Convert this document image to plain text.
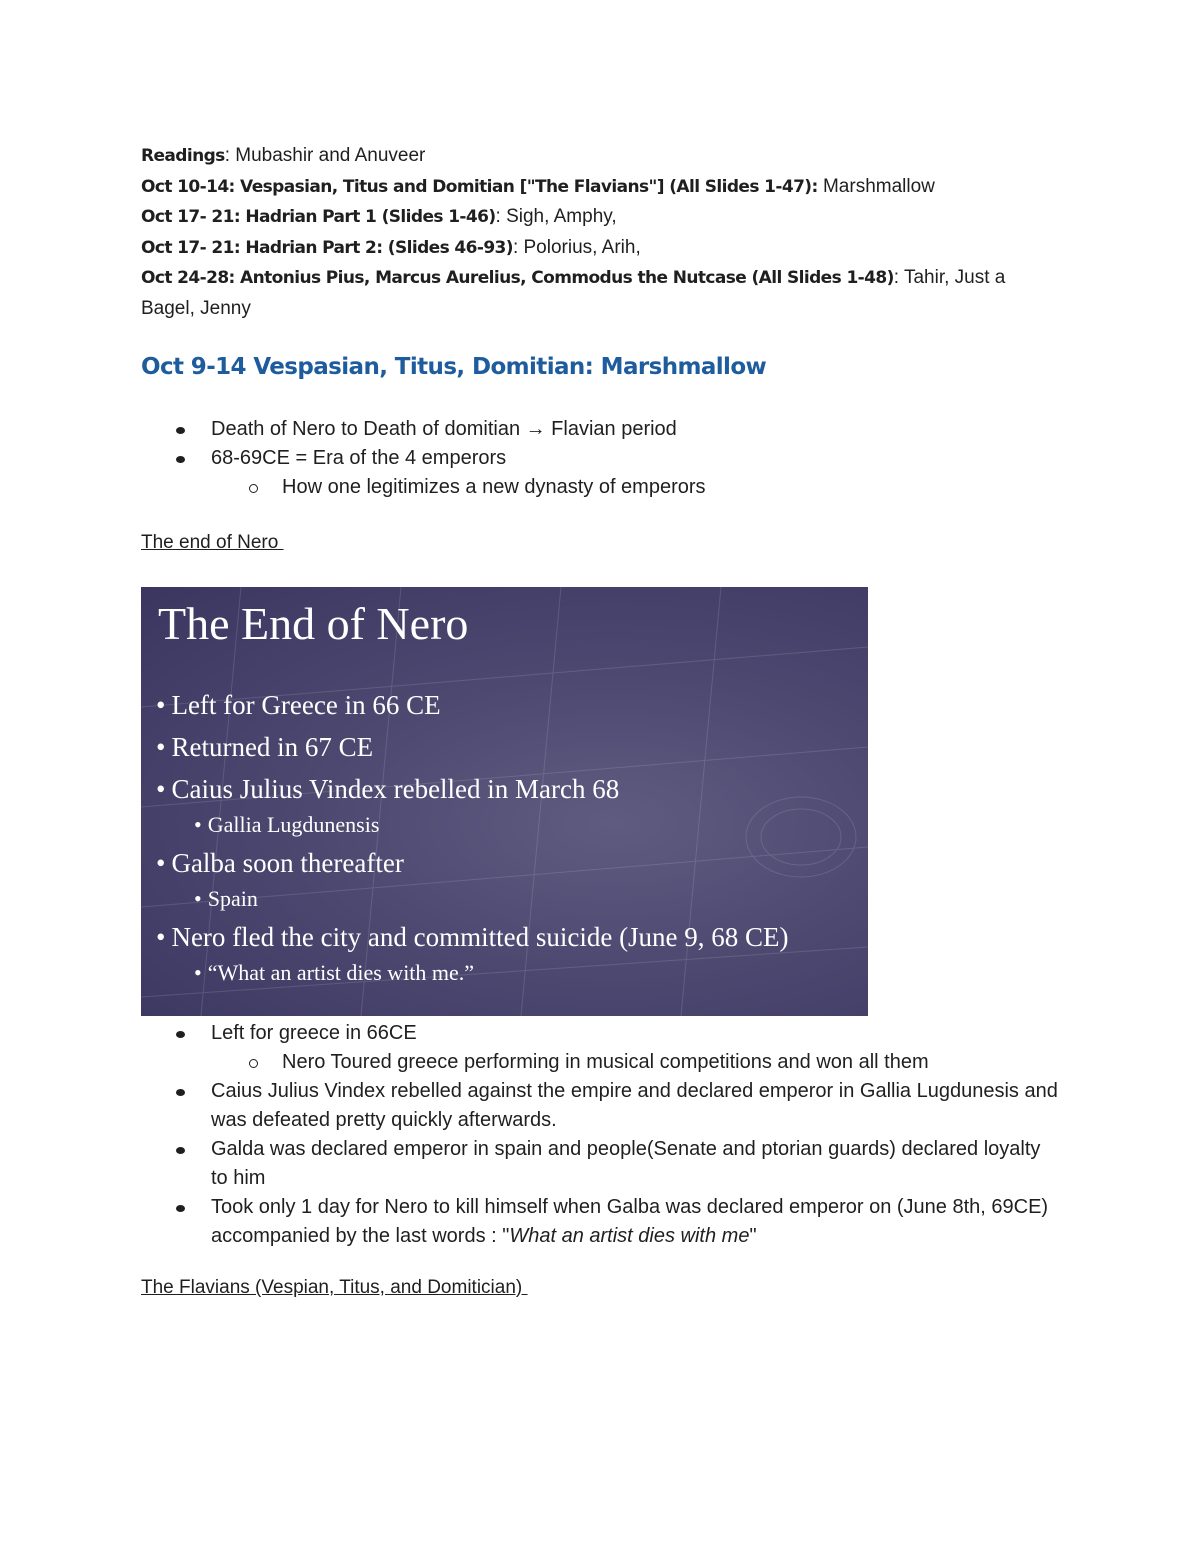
Readings: Mubashir and Anuveer

Oct 10-14: Vespasian, Titus and Domitian ["The Flavians"] (All Slides 1-47): Marshmallow

Oct 17- 21: Hadrian Part 1 (Slides 1-46): Sigh, Amphy,

Oct 17- 21: Hadrian Part 2: (Slides 46-93): Polorius, Arih,

Oct 24-28: Antonius Pius, Marcus Aurelius, Commodus the Nutcase (All Slides 1-48): Tahir, Just a Bagel, Jenny

Oct 9-14 Vespasian, Titus, Domitian: Marshmallow
Death of Nero to Death of domitian → Flavian period
68-69CE = Era of the 4 emperors
How one legitimizes a new dynasty of emperors

The end of Nero

The End of Nero
• Left for Greece in 66 CE
• Returned in 67 CE
• Caius Julius Vindex rebelled in March 68
• Gallia Lugdunensis
• Galba soon thereafter
• Spain
• Nero fled the city and committed suicide (June 9, 68 CE)
• “What an artist dies with me.”
Left for greece in 66CE
Nero Toured greece performing in musical competitions and won all them
Caius Julius Vindex rebelled against the empire and declared emperor in Gallia Lugdunesis and was defeated pretty quickly afterwards.
Galda was declared emperor in spain and people(Senate and ptorian guards) declared loyalty to him
Took only 1 day for Nero to kill himself when Galba was declared emperor on (June 8th, 69CE) accompanied by the last words : "What an artist dies with me"

The Flavians (Vespian, Titus, and Domitician)
